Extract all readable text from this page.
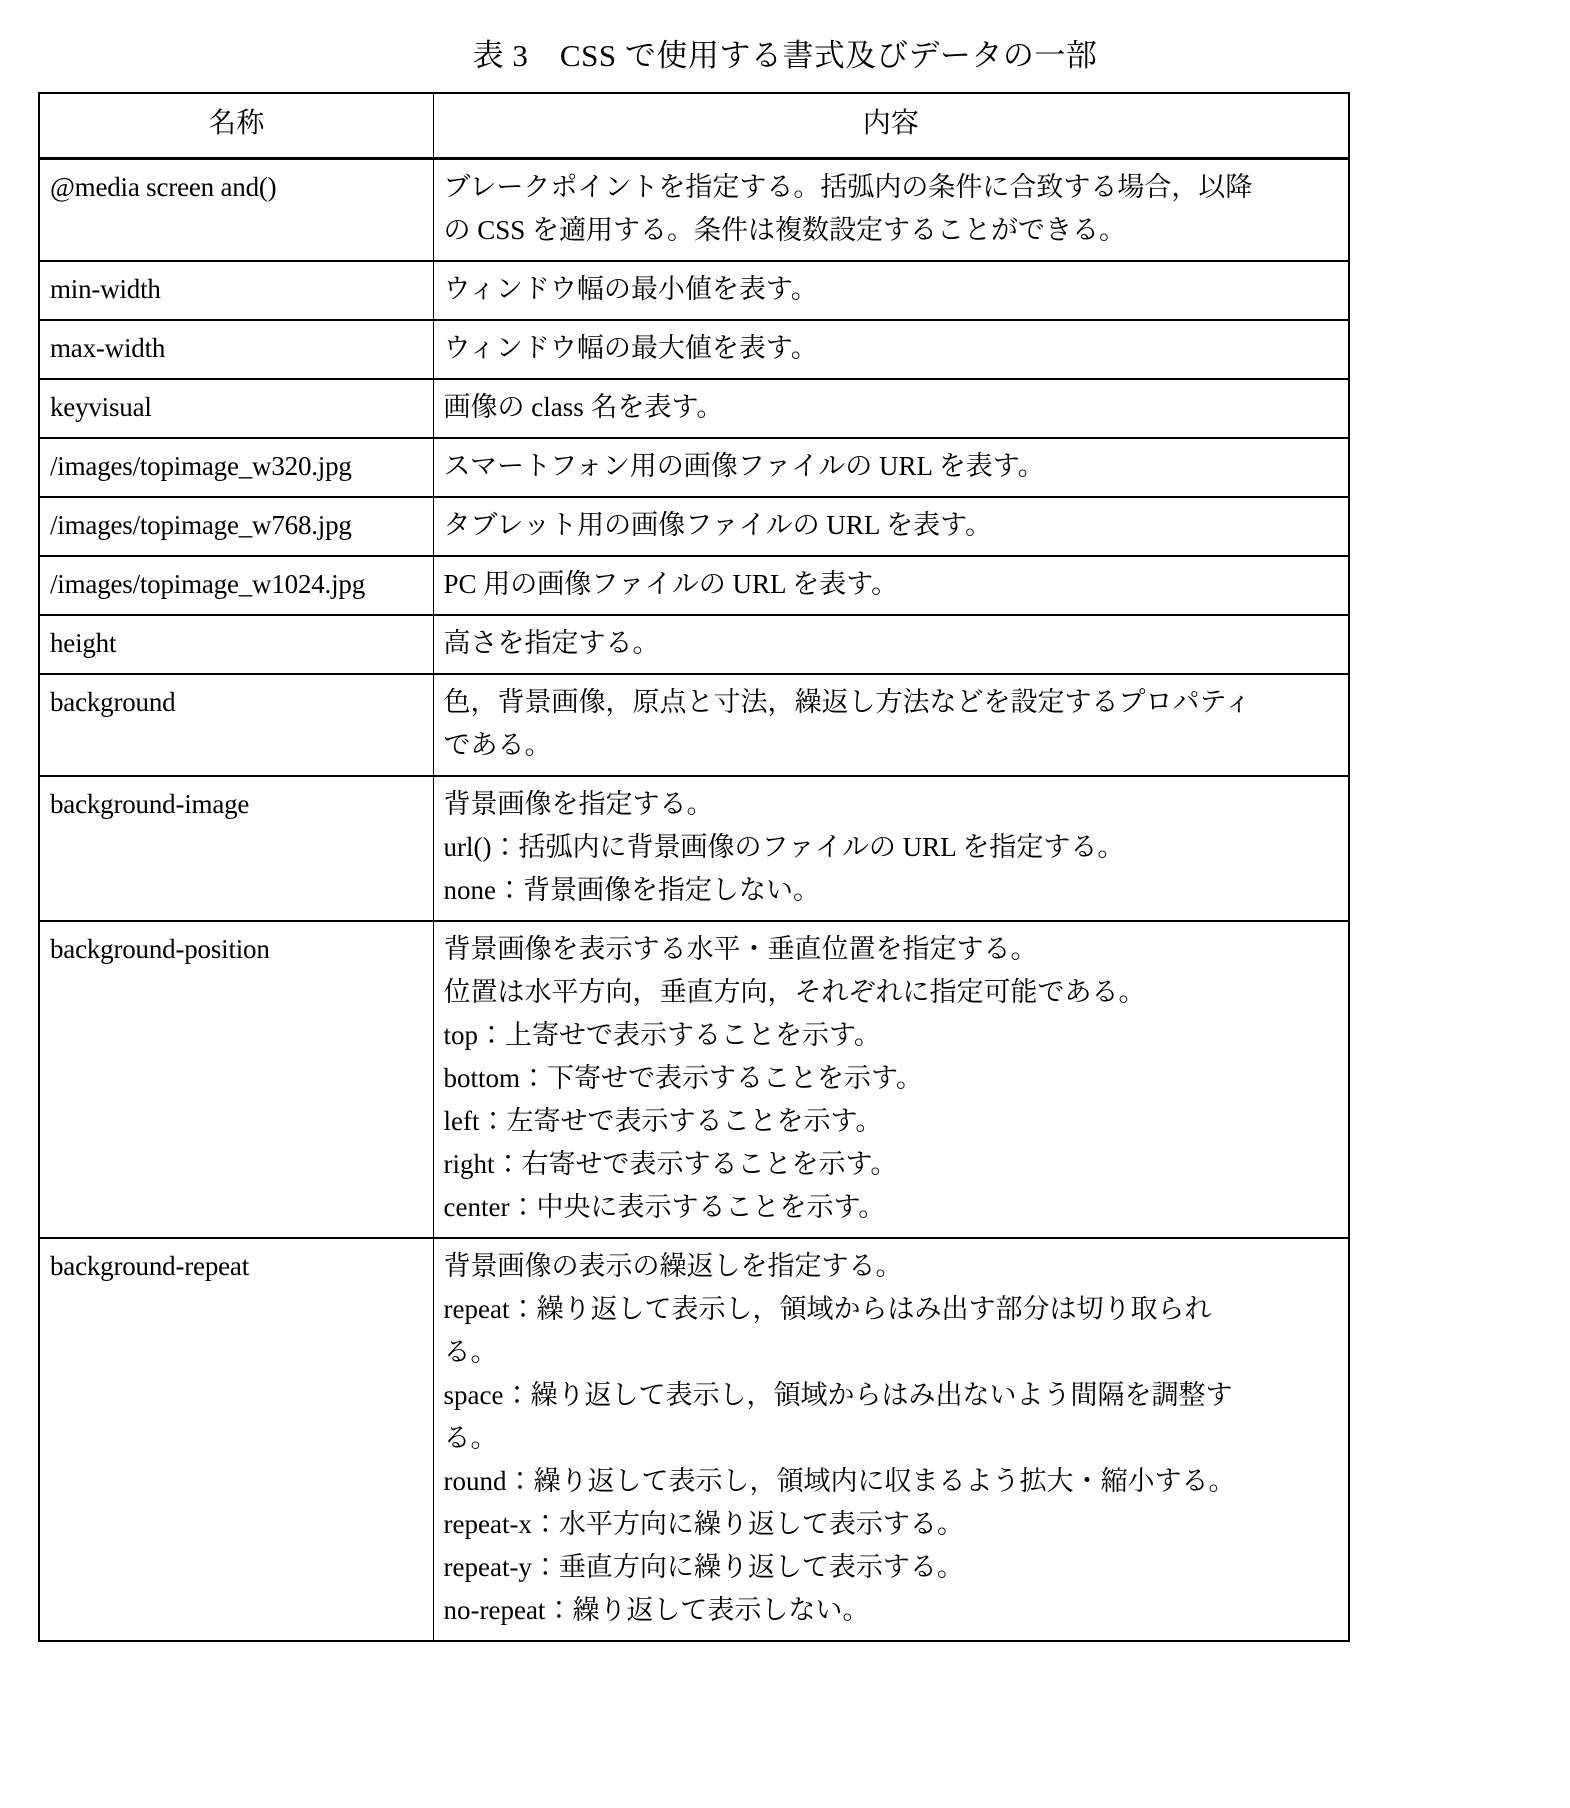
表 3　CSS で使用する書式及びデータの一部
名称	内容
@media screen and()	ブレークポイントを指定する。括弧内の条件に合致する場合，以降
の CSS を適用する。条件は複数設定することができる。

min-width	ウィンドウ幅の最小値を表す。

max-width	ウィンドウ幅の最大値を表す。

keyvisual	画像の class 名を表す。

/images/topimage_w320.jpg	スマートフォン用の画像ファイルの URL を表す。

/images/topimage_w768.jpg	タブレット用の画像ファイルの URL を表す。

/images/topimage_w1024.jpg	PC 用の画像ファイルの URL を表す。

height	高さを指定する。

background	色，背景画像，原点と寸法，繰返し方法などを設定するプロパティ
である。

background-image	背景画像を指定する。
url()：括弧内に背景画像のファイルの URL を指定する。
none：背景画像を指定しない。

background-position	背景画像を表示する水平・垂直位置を指定する。
位置は水平方向，垂直方向，それぞれに指定可能である。
top：上寄せで表示することを示す。
bottom：下寄せで表示することを示す。
left：左寄せで表示することを示す。
right：右寄せで表示することを示す。
center：中央に表示することを示す。

background-repeat	背景画像の表示の繰返しを指定する。
repeat：繰り返して表示し，領域からはみ出す部分は切り取られ
る。
space：繰り返して表示し，領域からはみ出ないよう間隔を調整す
る。
round：繰り返して表示し，領域内に収まるよう拡大・縮小する。
repeat-x：水平方向に繰り返して表示する。
repeat-y：垂直方向に繰り返して表示する。
no-repeat：繰り返して表示しない。
